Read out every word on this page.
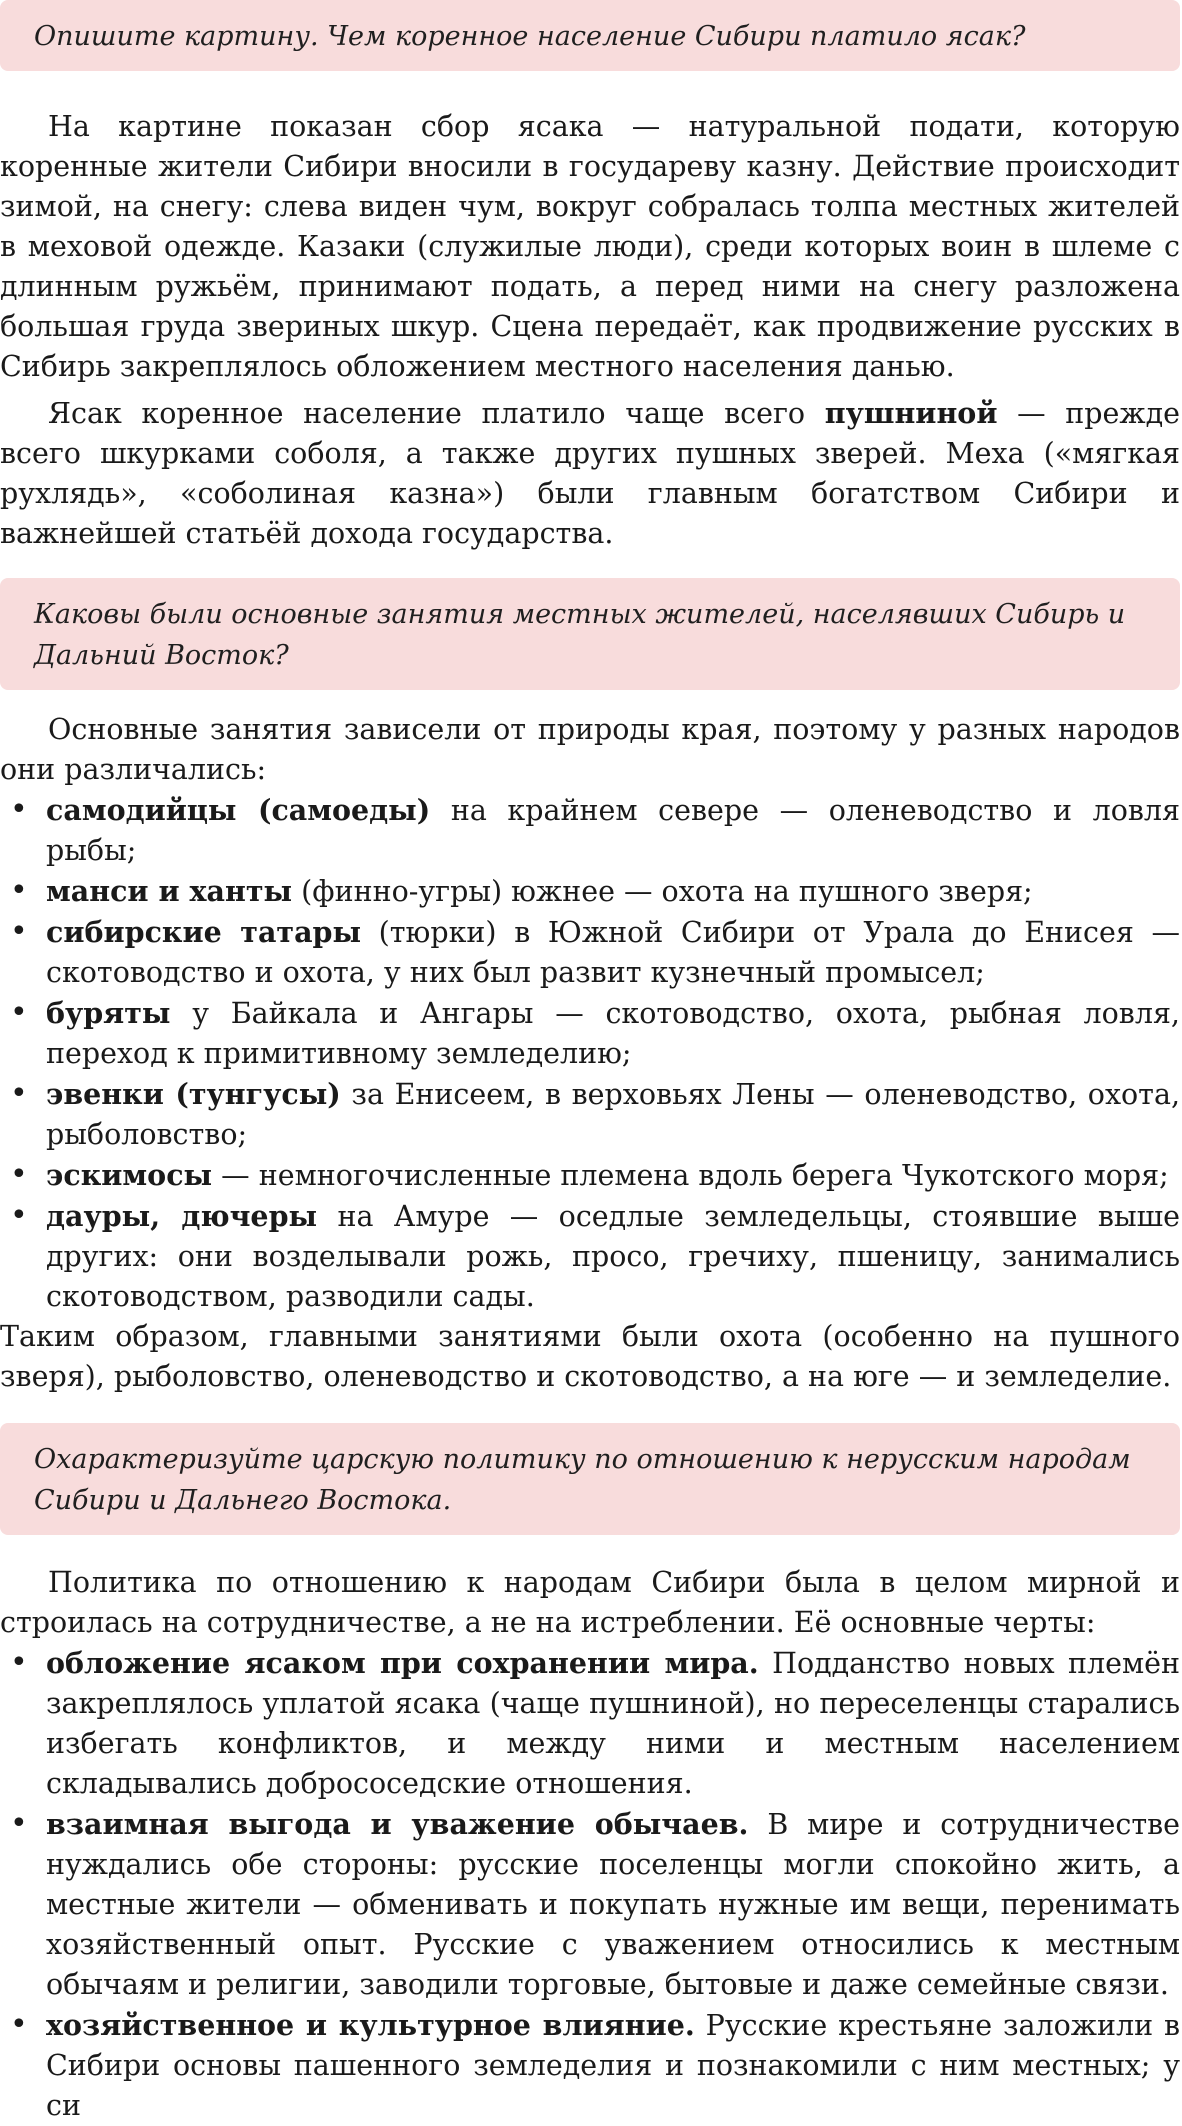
Опишите картину. Чем коренное население Сибири платило ясак?

На картине показан сбор ясака — натуральной подати, которую коренные жители Сибири вносили в государеву казну. Действие происходит зимой, на снегу: слева виден чум, вокруг собралась толпа местных жителей в меховой одежде. Казаки (служилые люди), среди которых воин в шлеме с длинным ружьём, принимают подать, а перед ними на снегу разложена большая груда звериных шкур. Сцена передаёт, как продвижение русских в Сибирь закреплялось обложением местного населения данью.

Ясак коренное население платило чаще всего пушниной — прежде всего шкурками соболя, а также других пушных зверей. Меха («мягкая рухлядь», «соболиная казна») были главным богатством Сибири и важнейшей статьёй дохода государства.

Каковы были основные занятия местных жителей, населявших Сибирь и Дальний Восток?

Основные занятия зависели от природы края, поэтому у разных народов они различались:

• самодийцы (самоеды) на крайнем севере — оленеводство и ловля рыбы;
• манси и ханты (финно-угры) южнее — охота на пушного зверя;
• сибирские татары (тюрки) в Южной Сибири от Урала до Енисея — скотоводство и охота, у них был развит кузнечный промысел;
• буряты у Байкала и Ангары — скотоводство, охота, рыбная ловля, переход к примитивному земледелию;
• эвенки (тунгусы) за Енисеем, в верховьях Лены — оленеводство, охота, рыболовство;
• эскимосы — немногочисленные племена вдоль берега Чукотского моря;
• дауры, дючеры на Амуре — оседлые земледельцы, стоявшие выше других: они возделывали рожь, просо, гречиху, пшеницу, занимались скотоводством, разводили сады.

Таким образом, главными занятиями были охота (особенно на пушного зверя), рыболовство, оленеводство и скотоводство, а на юге — и земледелие.

Охарактеризуйте царскую политику по отношению к нерусским народам Сибири и Дальнего Востока.

Политика по отношению к народам Сибири была в целом мирной и строилась на сотрудничестве, а не на истреблении. Её основные черты:

• обложение ясаком при сохранении мира. Подданство новых племён закреплялось уплатой ясака (чаще пушниной), но переселенцы старались избегать конфликтов, и между ними и местным населением складывались добрососедские отношения.
• взаимная выгода и уважение обычаев. В мире и сотрудничестве нуждались обе стороны: русские поселенцы могли спокойно жить, а местные жители — обменивать и покупать нужные им вещи, перенимать хозяйственный опыт. Русские с уважением относились к местным обычаям и религии, заводили торговые, бытовые и даже семейные связи.
• хозяйственное и культурное влияние. Русские крестьяне заложили в Сибири основы пашенного земледелия и познакомили с ним местных; у си
